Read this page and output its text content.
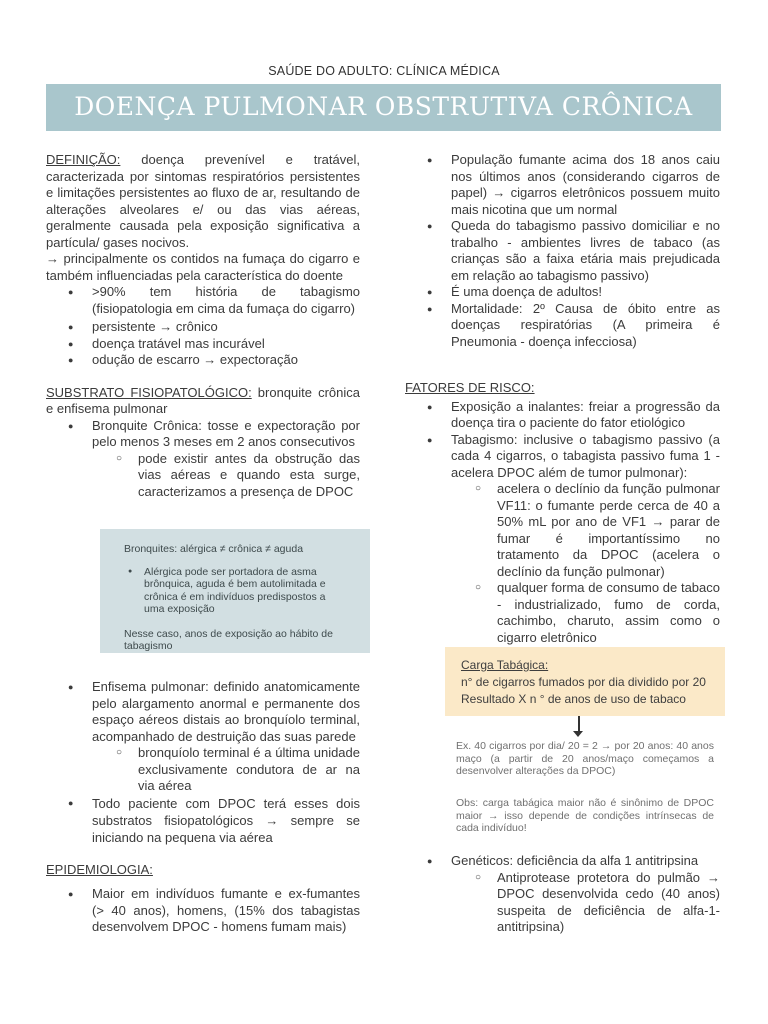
SAÚDE DO ADULTO: CLÍNICA MÉDICA
DOENÇA PULMONAR OBSTRUTIVA CRÔNICA (DPOC)

DEFINIÇÃO: doença prevenível e tratável, caracterizada por sintomas respiratórios persistentes e limitações persistentes ao fluxo de ar, resultando de alterações alveolares e/ ou das vias aéreas, geralmente causada pela exposição significativa a partícula/ gases nocivos.

→ principalmente os contidos na fumaça do cigarro e também influenciadas pela característica do doente

● >90% tem história de tabagismo (fisiopatologia em cima da fumaça do cigarro)
● persistente → crônico
● doença tratável mas incurável
● odução de escarro → expectoração

SUBSTRATO FISIOPATOLÓGICO: bronquite crônica e enfisema pulmonar

● Bronquite Crônica: tosse e expectoração por pelo menos 3 meses em 2 anos consecutivos
○ pode existir antes da obstrução das vias aéreas e quando esta surge, caracterizamos a presença de DPOC

Bronquites: alérgica ≠ crônica ≠ aguda

● Alérgica pode ser portadora de asma brônquica, aguda é bem autolimitada e crônica é em indivíduos predispostos a uma exposição

Nesse caso, anos de exposição ao hábito de tabagismo

● Enfisema pulmonar: definido anatomicamente pelo alargamento anormal e permanente dos espaço aéreos distais ao bronquíolo terminal, acompanhado de destruição das suas parede
○ bronquíolo terminal é a última unidade exclusivamente condutora de ar na via aérea
● Todo paciente com DPOC terá esses dois substratos fisiopatológicos → sempre se iniciando na pequena via aérea

EPIDEMIOLOGIA:

● Maior em indivíduos fumante e ex-fumantes (> 40 anos), homens, (15% dos tabagistas desenvolvem DPOC - homens fumam mais)
● População fumante acima dos 18 anos caiu nos últimos anos (considerando cigarros de papel) → cigarros eletrônicos possuem muito mais nicotina que um normal
● Queda do tabagismo passivo domiciliar e no trabalho - ambientes livres de tabaco (as crianças são a faixa etária mais prejudicada em relação ao tabagismo passivo)
● É uma doença de adultos!
● Mortalidade: 2º Causa de óbito entre as doenças respiratórias (A primeira é Pneumonia - doença infecciosa)

FATORES DE RISCO:

● Exposição a inalantes: freiar a progressão da doença tira o paciente do fator etiológico
● Tabagismo: inclusive o tabagismo passivo (a cada 4 cigarros, o tabagista passivo fuma 1 - acelera DPOC além de tumor pulmonar):
○ acelera o declínio da função pulmonar VF11: o fumante perde cerca de 40 a 50% mL por ano de VF1 → parar de fumar é importantíssimo no tratamento da DPOC (acelera o declínio da função pulmonar)
○ qualquer forma de consumo de tabaco - industrializado, fumo de corda, cachimbo, charuto, assim como o cigarro eletrônico

Carga Tabágica:

n° de cigarros fumados por dia dividido por 20

Resultado X n ° de anos de uso de tabaco

Ex. 40 cigarros por dia/ 20 = 2 → por 20 anos: 40 anos maço (a partir de 20 anos/maço começamos a desenvolver alterações da DPOC)
Obs: carga tabágica maior não é sinônimo de DPOC maior → isso depende de condições intrínsecas de cada indivíduo!
● Genéticos: deficiência da alfa 1 antitripsina
○ Antiprotease protetora do pulmão → DPOC desenvolvida cedo (40 anos) suspeita de deficiência de alfa-1-antitripsina)
